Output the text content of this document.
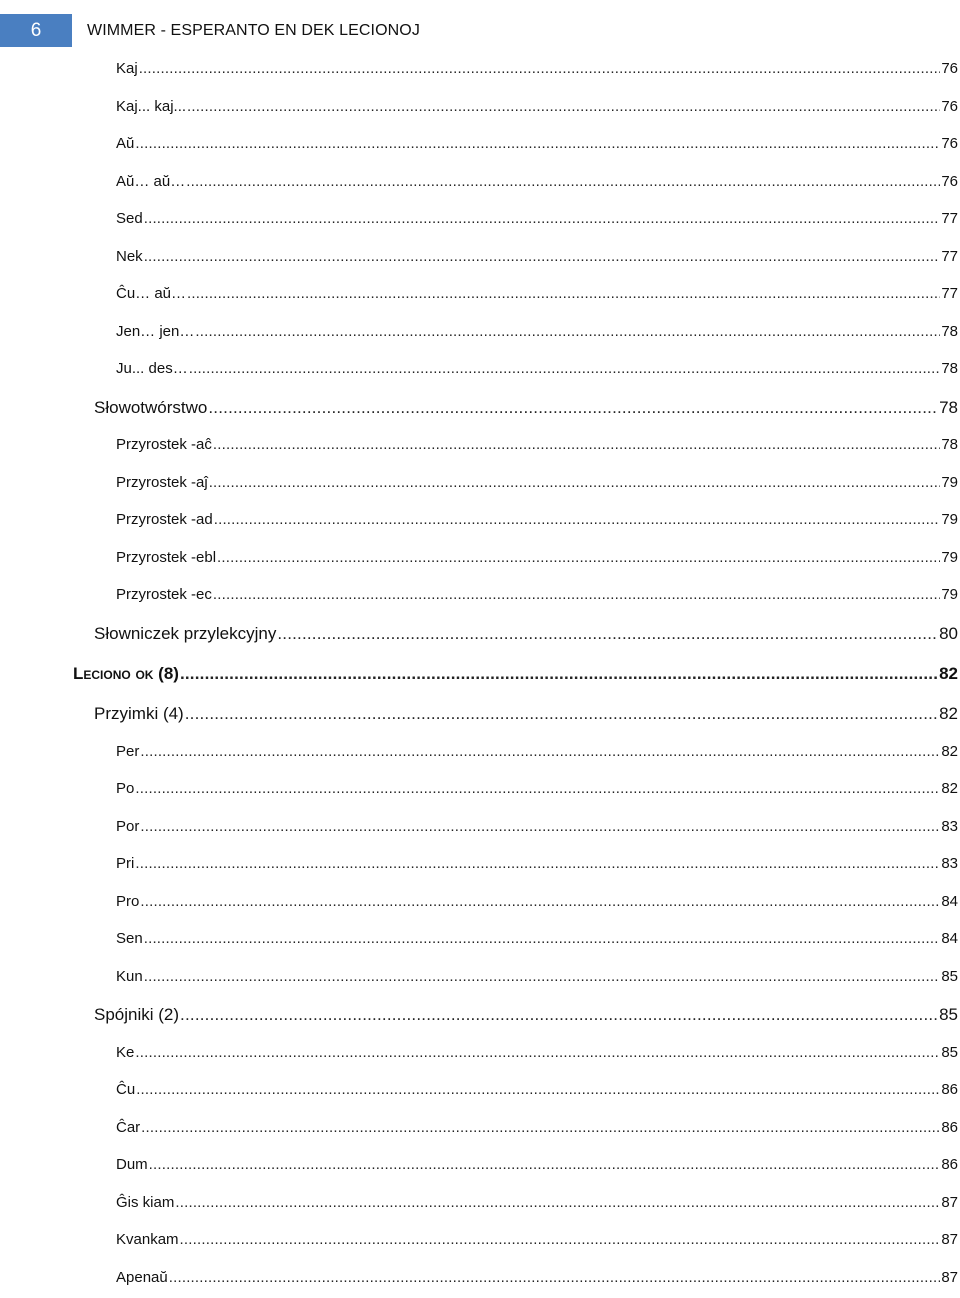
6	WIMMER - ESPERANTO EN DEK LECIONOJ
Kaj .....	76
Kaj... kaj... .....	76
Aŭ .....	76
Aŭ… aŭ… .....	76
Sed .....	77
Nek .....	77
Ĉu… aŭ… .....	77
Jen… jen… .....	78
Ju... des… .....	78
Słowotwórstwo .....	78
Przyrostek -aĉ .....	78
Przyrostek -aĵ .....	79
Przyrostek -ad .....	79
Przyrostek -ebl .....	79
Przyrostek -ec .....	79
Słowniczek przylekcyjny .....	80
Leciono ok (8) .....	82
Przyimki (4) .....	82
Per .....	82
Po .....	82
Por .....	83
Pri .....	83
Pro .....	84
Sen .....	84
Kun .....	85
Spójniki (2) .....	85
Ke .....	85
Ĉu .....	86
Ĉar .....	86
Dum .....	86
Ĝis kiam .....	87
Kvankam .....	87
Apenaŭ .....	87
